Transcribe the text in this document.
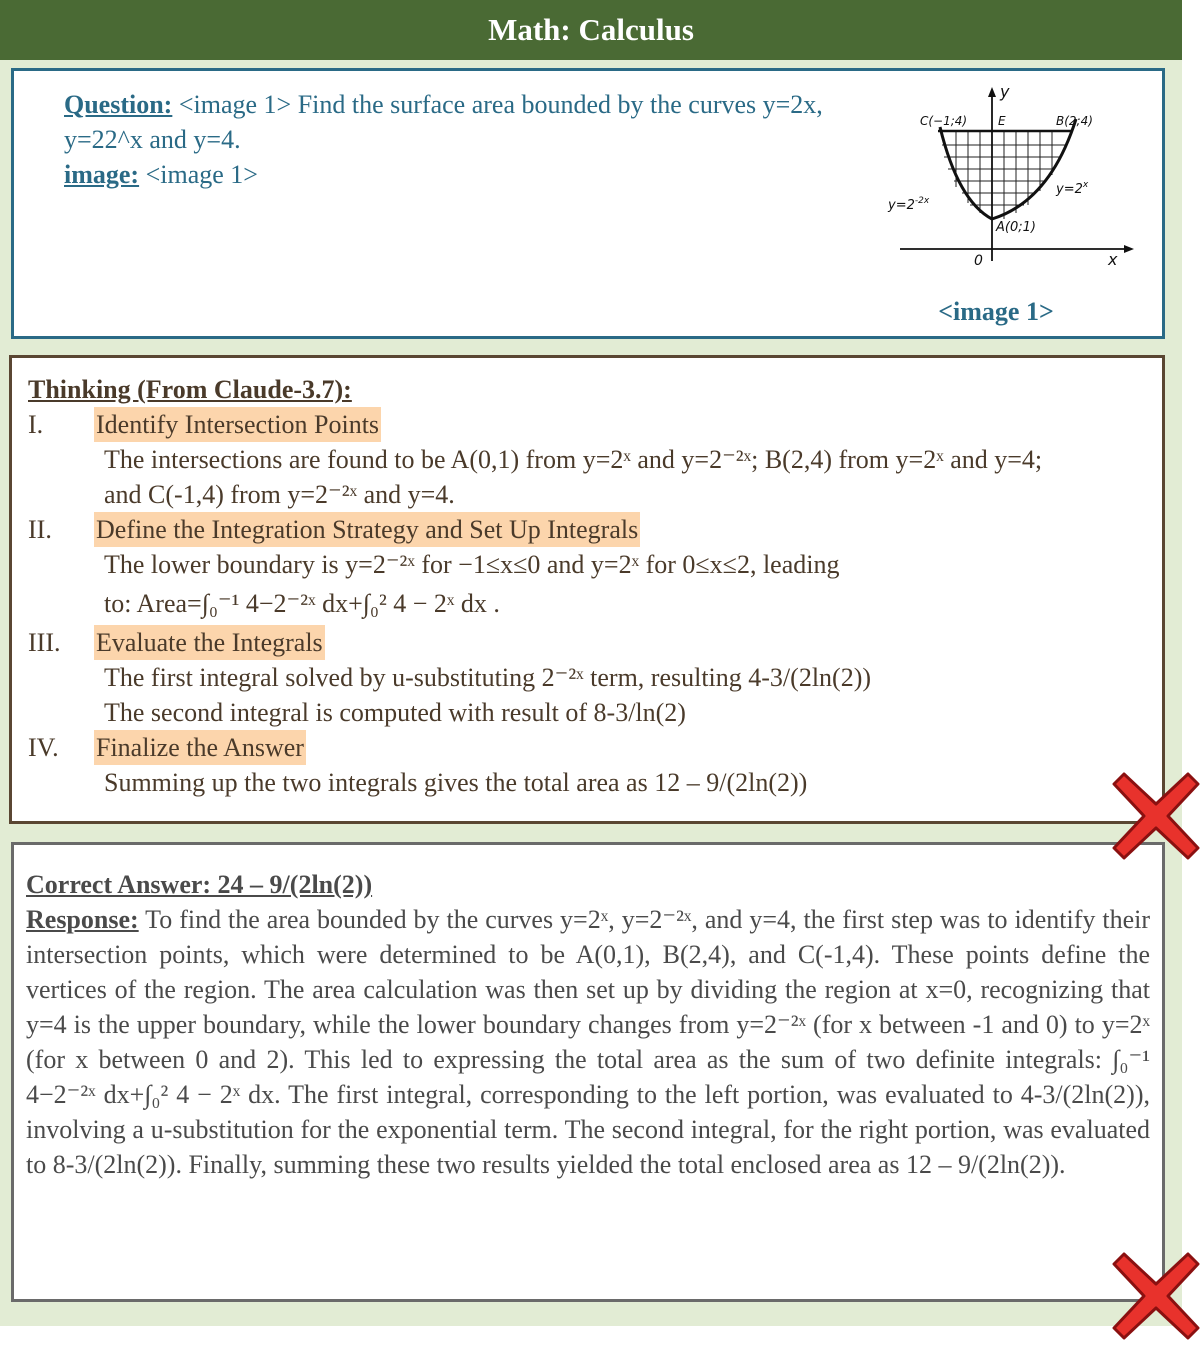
Math: Calculus
Question: <image 1> Find the surface area bounded by the curves y=2x, y=22^x and y=4.
image: <image 1>
y
C(−1;4)	E	B(2;4)
$y=2^x$
$y=2^{-2x}$
A(0;1)
0	x
<image 1>
Thinking (From Claude-3.7):
I.	Identify Intersection Points
The intersections are found to be A(0,1) from y=2ˣ and y=2⁻²ˣ; B(2,4) from y=2ˣ and y=4;
and C(-1,4) from y=2⁻²ˣ and y=4.
II.	Define the Integration Strategy and Set Up Integrals
The lower boundary is y=2⁻²ˣ for −1≤x≤0 and y=2ˣ for 0≤x≤2, leading
to: Area=∫₀⁻¹ 4−2⁻²ˣ dx+∫₀² 4 − 2ˣ dx .
III.	Evaluate the Integrals
The first integral solved by u-substituting 2⁻²ˣ term, resulting 4-3/(2ln(2))
The second integral is computed with result of 8-3/ln(2)
IV.	Finalize the Answer
Summing up the two integrals gives the total area as 12 – 9/(2ln(2))
Correct Answer: 24 – 9/(2ln(2))
Response: To find the area bounded by the curves y=2ˣ, y=2⁻²ˣ, and y=4, the first step was to identify their intersection points, which were determined to be A(0,1), B(2,4), and C(-1,4). These points define the vertices of the region. The area calculation was then set up by dividing the region at x=0, recognizing that y=4 is the upper boundary, while the lower boundary changes from y=2⁻²ˣ (for x between -1 and 0) to y=2ˣ (for x between 0 and 2). This led to expressing the total area as the sum of two definite integrals: ∫₀⁻¹ 4−2⁻²ˣ dx+∫₀² 4 − 2ˣ dx. The first integral, corresponding to the left portion, was evaluated to 4-3/(2ln(2)), involving a u-substitution for the exponential term. The second integral, for the right portion, was evaluated to 8-3/(2ln(2)). Finally, summing these two results yielded the total enclosed area as 12 – 9/(2ln(2)).
